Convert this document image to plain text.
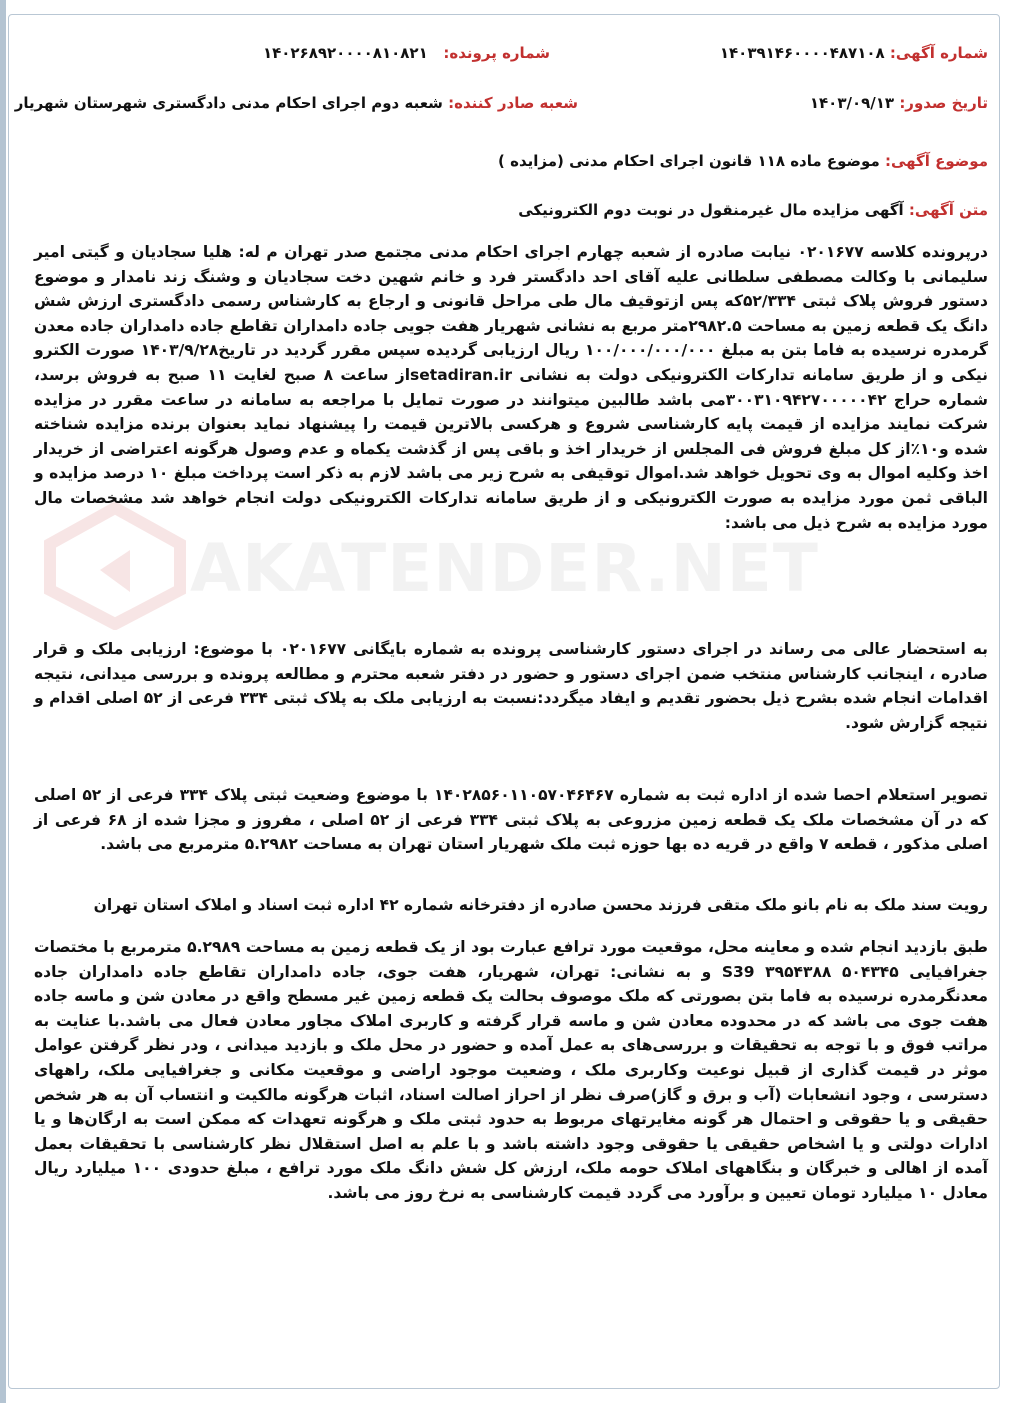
شماره آگهی: ۱۴۰۳۹۱۴۶۰۰۰۰۴۸۷۱۰۸
شماره پرونده:   ۱۴۰۲۶۸۹۲۰۰۰۰۸۱۰۸۲۱
تاریخ صدور: ۱۴۰۳/۰۹/۱۳
شعبه صادر کننده: شعبه دوم اجرای احکام مدنی دادگستری شهرستان شهریار
موضوع آگهی: موضوع ماده ۱۱۸ قانون اجرای احکام مدنی (مزایده )
متن آگهی: آگهی مزایده مال غیرمنقول در نوبت دوم الکترونیکی
درپرونده کلاسه ۰۲۰۱۶۷۷ نیابت صادره از شعبه چهارم اجرای احکام مدنی مجتمع صدر تهران م له: هلیا سجادیان و گیتی امیر سلیمانی با وکالت مصطفی سلطانی علیه آقای احد دادگستر فرد و خانم شهین دخت سجادیان و وشنگ زند نامدار و موضوع دستور فروش پلاک ثبتی ۵۲/۳۳۴که پس ازتوقیف مال طی مراحل قانونی و ارجاع به کارشناس رسمی دادگستری ارزش شش دانگ یک قطعه زمین به مساحت ۲۹۸۲.۵متر مربع به نشانی شهریار هفت جویی جاده دامداران تقاطع جاده دامداران جاده معدن گرمدره نرسیده به فاما بتن به مبلغ ۱۰۰/۰۰۰/۰۰۰/۰۰۰ ریال ارزیابی گردیده سپس مقرر گردید در تاریخ۱۴۰۳/۹/۲۸ صورت الکترو نیکی و از طریق سامانه تدارکات الکترونیکی دولت به نشانی setadiran.irاز ساعت ۸ صبح لغایت ۱۱ صبح به فروش برسد، شماره حراج ۳۰۰۳۱۰۹۴۲۷۰۰۰۰۰۴۲می باشد طالبین میتوانند در صورت تمایل با مراجعه به سامانه در ساعت مقرر در مزایده شرکت نمایند مزایده از قیمت پایه کارشناسی شروع و هرکسی بالاترین قیمت را پیشنهاد نماید بعنوان برنده مزایده شناخته شده و۱۰٪از کل مبلغ فروش فی المجلس از خریدار اخذ و باقی پس از گذشت یکماه و عدم وصول هرگونه اعتراضی از خریدار اخذ وکلیه اموال به وی تحویل خواهد شد.اموال توقیفی به شرح زیر می باشد لازم به ذکر است پرداخت مبلغ ۱۰ درصد مزایده و الباقی ثمن مورد مزایده به صورت الکترونیکی و از طریق سامانه تدارکات الکترونیکی دولت انجام خواهد شد مشخصات مال مورد مزایده به شرح ذیل می باشد:
به استحضار عالی می رساند در اجرای دستور کارشناسی پرونده به شماره بایگانی ۰۲۰۱۶۷۷ با موضوع: ارزیابی ملک و قرار صادره ، اینجانب کارشناس منتخب ضمن اجرای دستور و حضور در دفتر شعبه محترم و مطالعه پرونده و بررسی میدانی، نتیجه اقدامات انجام شده بشرح ذیل بحضور تقدیم و ایفاد میگردد:نسبت به ارزیابی ملک به پلاک ثبتی ۳۳۴ فرعی از ۵۲ اصلی اقدام و نتیجه گزارش شود.
تصویر استعلام احصا شده از اداره ثبت به شماره ۱۴۰۲۸۵۶۰۱۱۰۵۷۰۴۶۴۶۷ با موضوع وضعیت ثبتی پلاک ۳۳۴ فرعی از ۵۲ اصلی که در آن مشخصات ملک یک قطعه زمین مزروعی به پلاک ثبتی ۳۳۴ فرعی از ۵۲ اصلی ، مفروز و مجزا شده از ۶۸ فرعی از اصلی مذکور ، قطعه ۷ واقع در قریه ده بها حوزه ثبت ملک شهریار استان تهران به مساحت ۵.۲۹۸۲ مترمربع می باشد.
رویت سند ملک به نام بانو ملک متقی فرزند محسن صادره از دفترخانه شماره ۴۲ اداره ثبت اسناد و املاک استان تهران
طبق بازدید انجام شده و معاینه محل، موقعیت مورد ترافع عبارت بود از یک قطعه زمین به مساحت ۵.۲۹۸۹ مترمربع با مختصات جغرافیایی ۵۰۴۳۴۵ ۳۹۵۴۳۸۸ S39 و به نشانی: تهران، شهریار، هفت جوی، جاده دامداران تقاطع جاده دامداران جاده معدنگرمدره نرسیده به فاما بتن بصورتی که ملک موصوف بحالت یک قطعه زمین غیر مسطح واقع در معادن شن و ماسه جاده هفت جوی می باشد که در محدوده معادن شن و ماسه قرار گرفته و کاربری املاک مجاور معادن فعال می باشد.با عنایت به مراتب فوق و با توجه به تحقیقات و بررسی‌های به عمل آمده و حضور در محل ملک و بازدید میدانی ، ودر نظر گرفتن عوامل موثر در قیمت گذاری از قبیل نوعیت وکاربری ملک ، وضعیت موجود اراضی و موقعیت مکانی و جغرافیایی ملک، راههای دسترسی ، وجود انشعابات (آب و برق و گاز)صرف نظر از احراز اصالت اسناد، اثبات هرگونه مالکیت و انتساب آن به هر شخص حقیقی و یا حقوقی و احتمال هر گونه مغایرتهای مربوط به حدود ثبتی ملک و هرگونه تعهدات که ممکن است به ارگان‌ها و یا ادارات دولتی و یا اشخاص حقیقی یا حقوقی وجود داشته باشد و با علم به اصل استقلال نظر کارشناسی با تحقیقات بعمل آمده از اهالی و خبرگان و بنگاههای املاک حومه ملک، ارزش کل شش دانگ ملک مورد ترافع ، مبلغ حدودی ۱۰۰ میلیارد ریال معادل ۱۰ میلیارد تومان تعیین و برآورد می گردد قیمت کارشناسی به نرخ روز می باشد.
